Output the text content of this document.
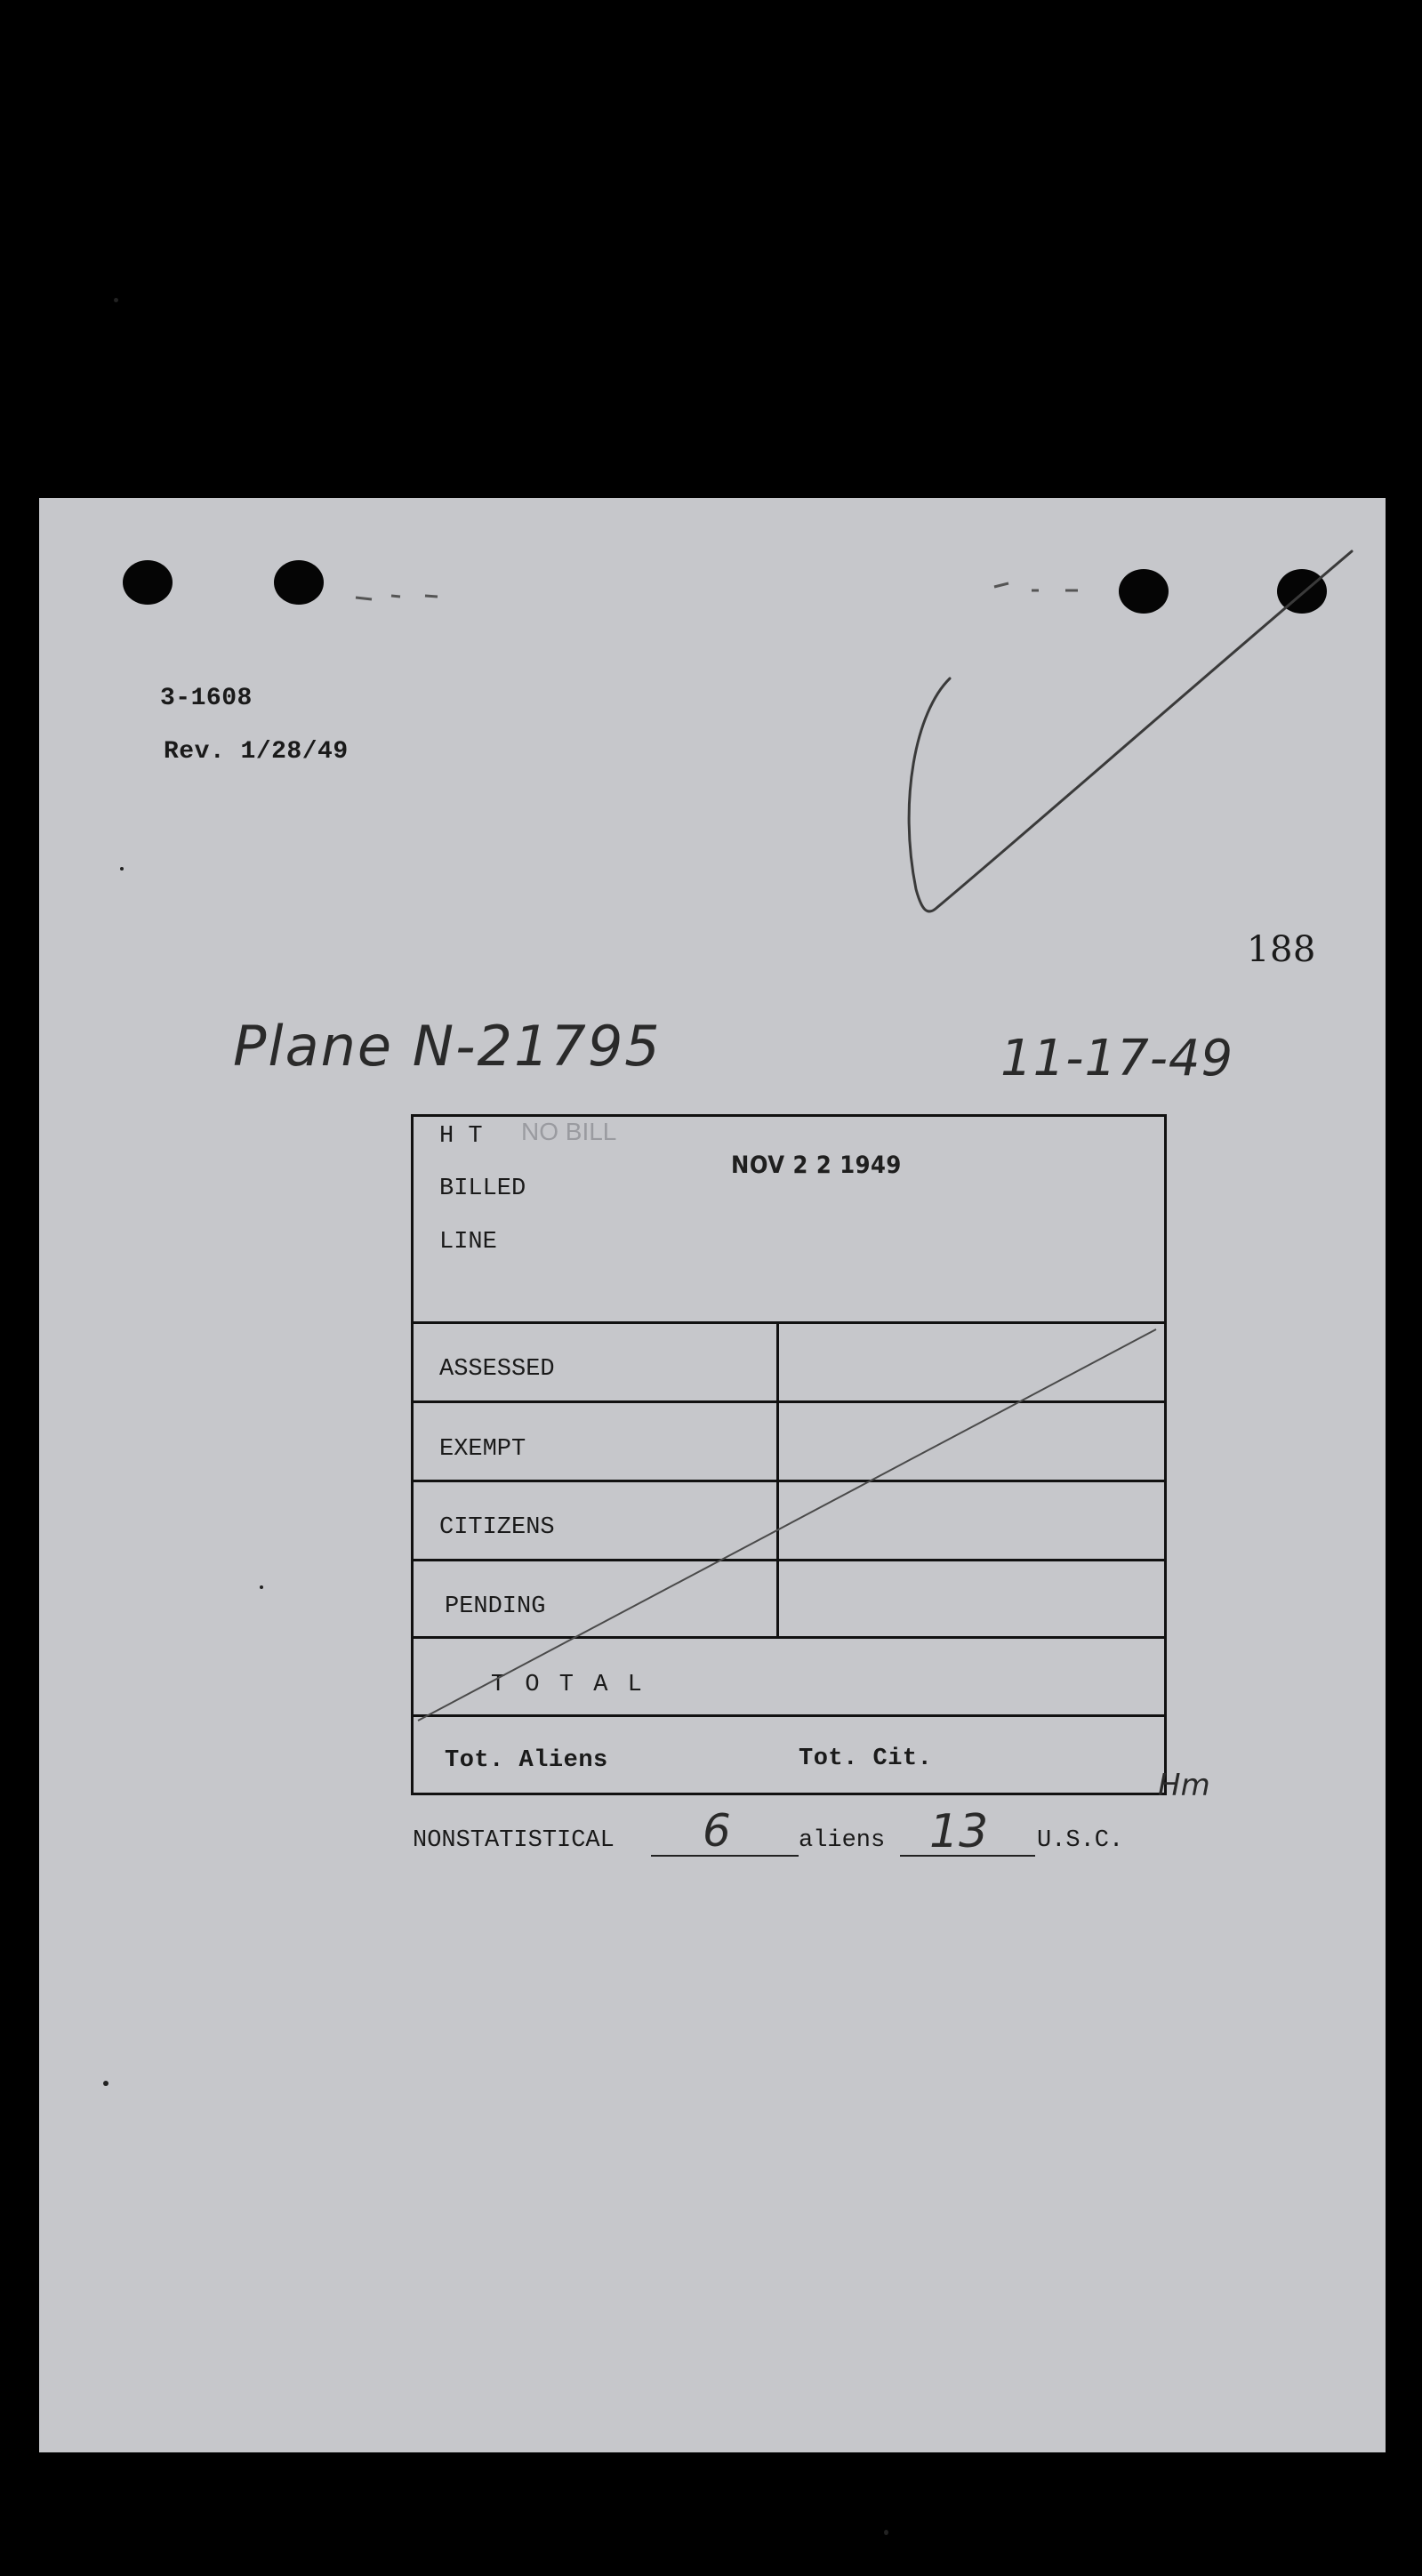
3-1608
Rev. 1/28/49
188
Plane N-21795	11-17-49
H T NO BILL
NOV 2 2 1949
BILLED
LINE
ASSESSED
EXEMPT
CITIZENS
PENDING
T O T A L
Tot. Aliens	Tot. Cit.
NONSTATISTICAL 6	aliens 13 U.S.C.
Hm
